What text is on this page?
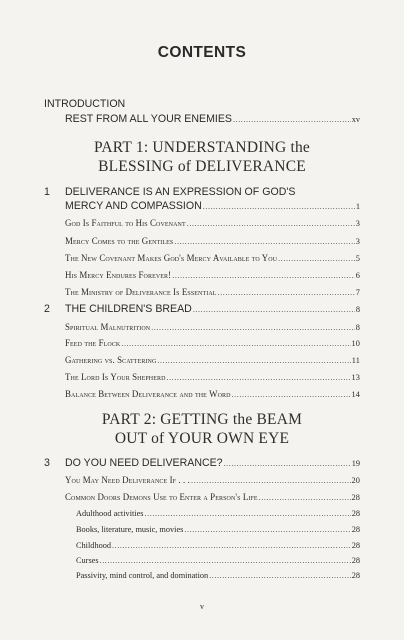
CONTENTS
INTRODUCTION
REST FROM ALL YOUR ENEMIES .....	xv
PART 1: UNDERSTANDING the
BLESSING of DELIVERANCE
1 DELIVERANCE IS AN EXPRESSION OF GOD'S
MERCY AND COMPASSION .....	1
God Is Faithful to His Covenant .....	3
Mercy Comes to the Gentiles .....	3
The New Covenant Makes God's Mercy Available to You .....	5
His Mercy Endures Forever! .....	6
The Ministry of Deliverance Is Essential .....	7
2 THE CHILDREN'S BREAD .....	8
Spiritual Malnutrition .....	8
Feed the Flock .....	10
Gathering vs. Scattering .....	11
The Lord Is Your Shepherd .....	13
Balance Between Deliverance and the Word .....	14
PART 2: GETTING the BEAM
OUT of YOUR OWN EYE
3 DO YOU NEED DELIVERANCE? .....	19
You May Need Deliverance If . . . .....	20
Common Doors Demons Use to Enter a Person's Life .....	28
Adulthood activities .....	28
Books, literature, music, movies .....	28
Childhood .....	28
Curses .....	28
Passivity, mind control, and domination .....	28
v
